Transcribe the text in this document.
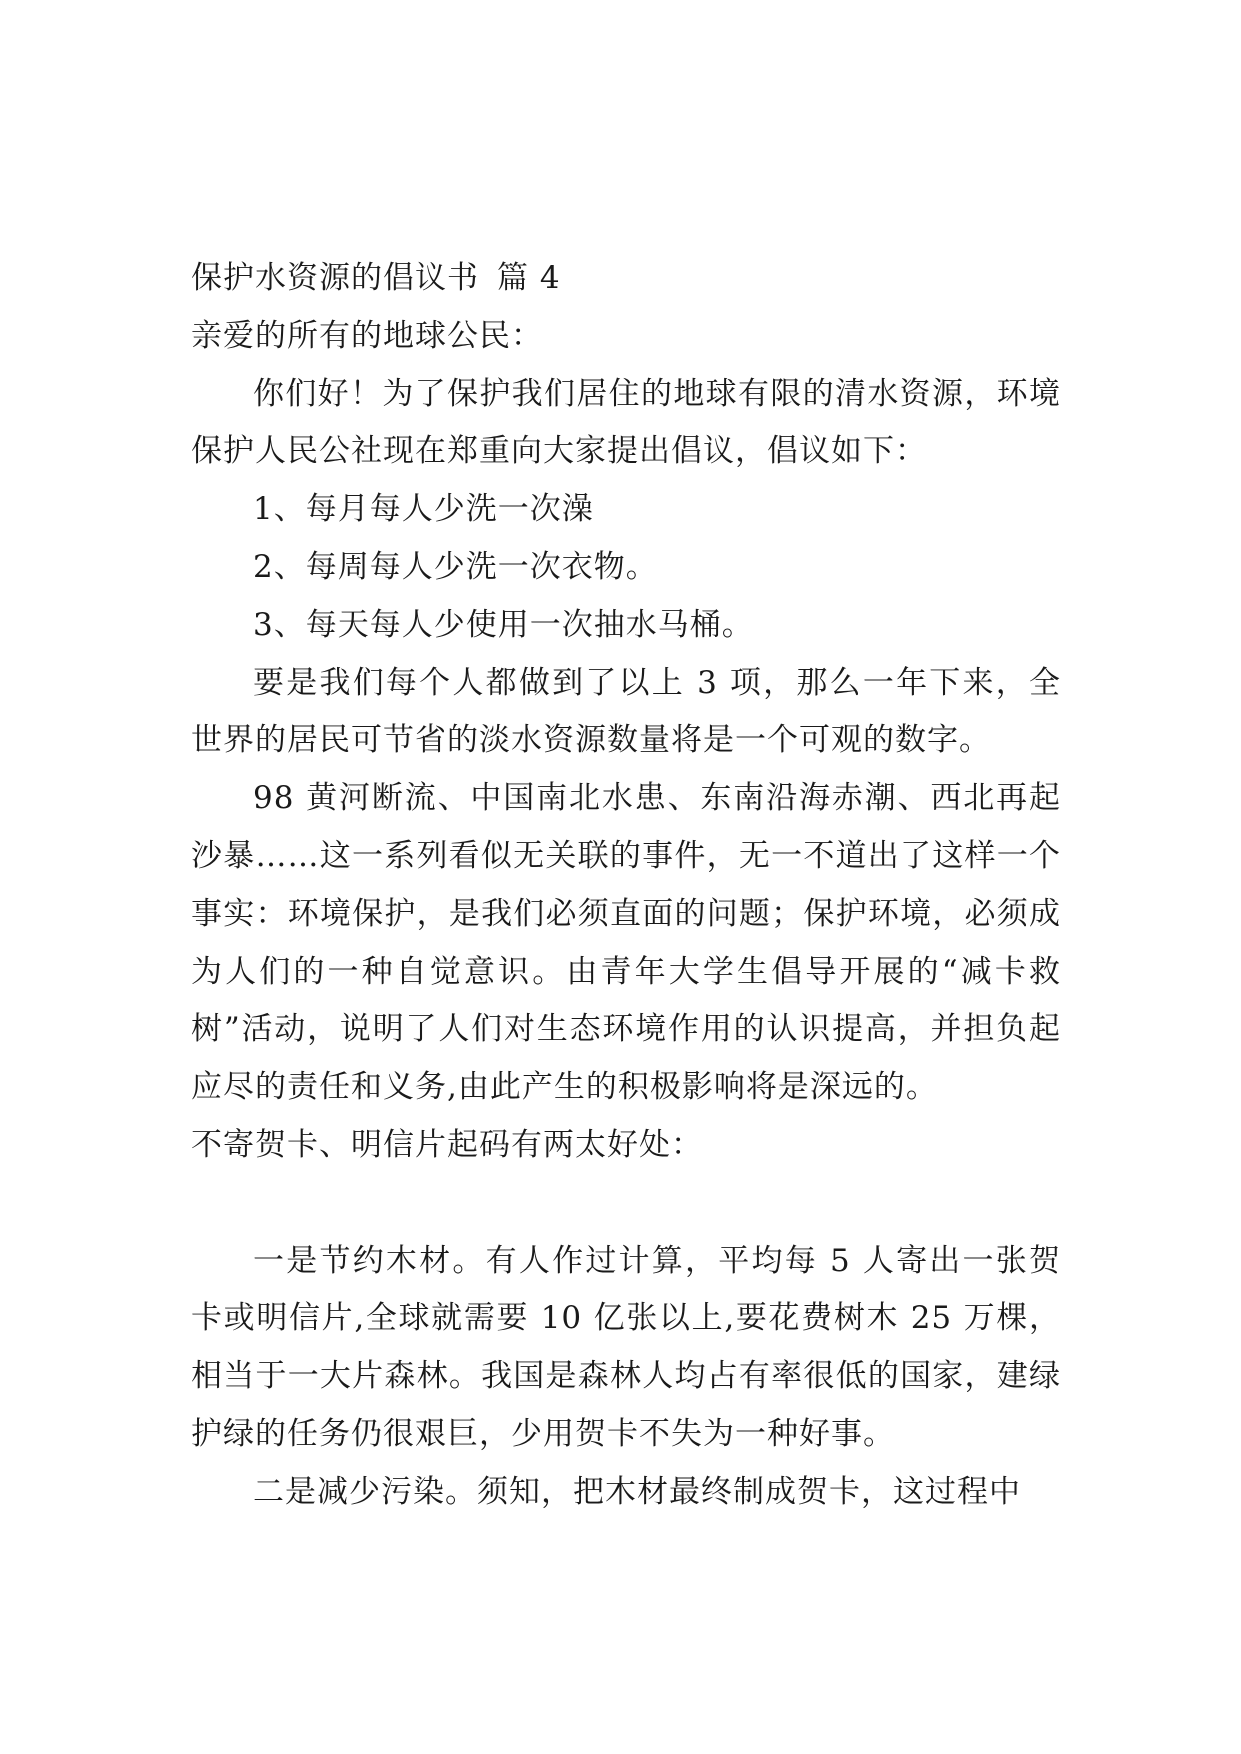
保护水资源的倡议书 篇 4
亲爱的所有的地球公民：
你们好！为了保护我们居住的地球有限的清水资源，环境保护人民公社现在郑重向大家提出倡议，倡议如下：
1、每月每人少洗一次澡
2、每周每人少洗一次衣物。
3、每天每人少使用一次抽水马桶。
要是我们每个人都做到了以上 3 项，那么一年下来，全世界的居民可节省的淡水资源数量将是一个可观的数字。
98 黄河断流、中国南北水患、东南沿海赤潮、西北再起沙暴……这一系列看似无关联的事件，无一不道出了这样一个事实：环境保护，是我们必须直面的问题；保护环境，必须成为人们的一种自觉意识。由青年大学生倡导开展的“减卡救树”活动，说明了人们对生态环境作用的认识提高，并担负起应尽的责任和义务,由此产生的积极影响将是深远的。
不寄贺卡、明信片起码有两太好处：
一是节约木材。有人作过计算，平均每 5 人寄出一张贺卡或明信片,全球就需要 10 亿张以上,要花费树木 25 万棵，相当于一大片森林。我国是森林人均占有率很低的国家，建绿护绿的任务仍很艰巨，少用贺卡不失为一种好事。
二是减少污染。须知，把木材最终制成贺卡，这过程中
